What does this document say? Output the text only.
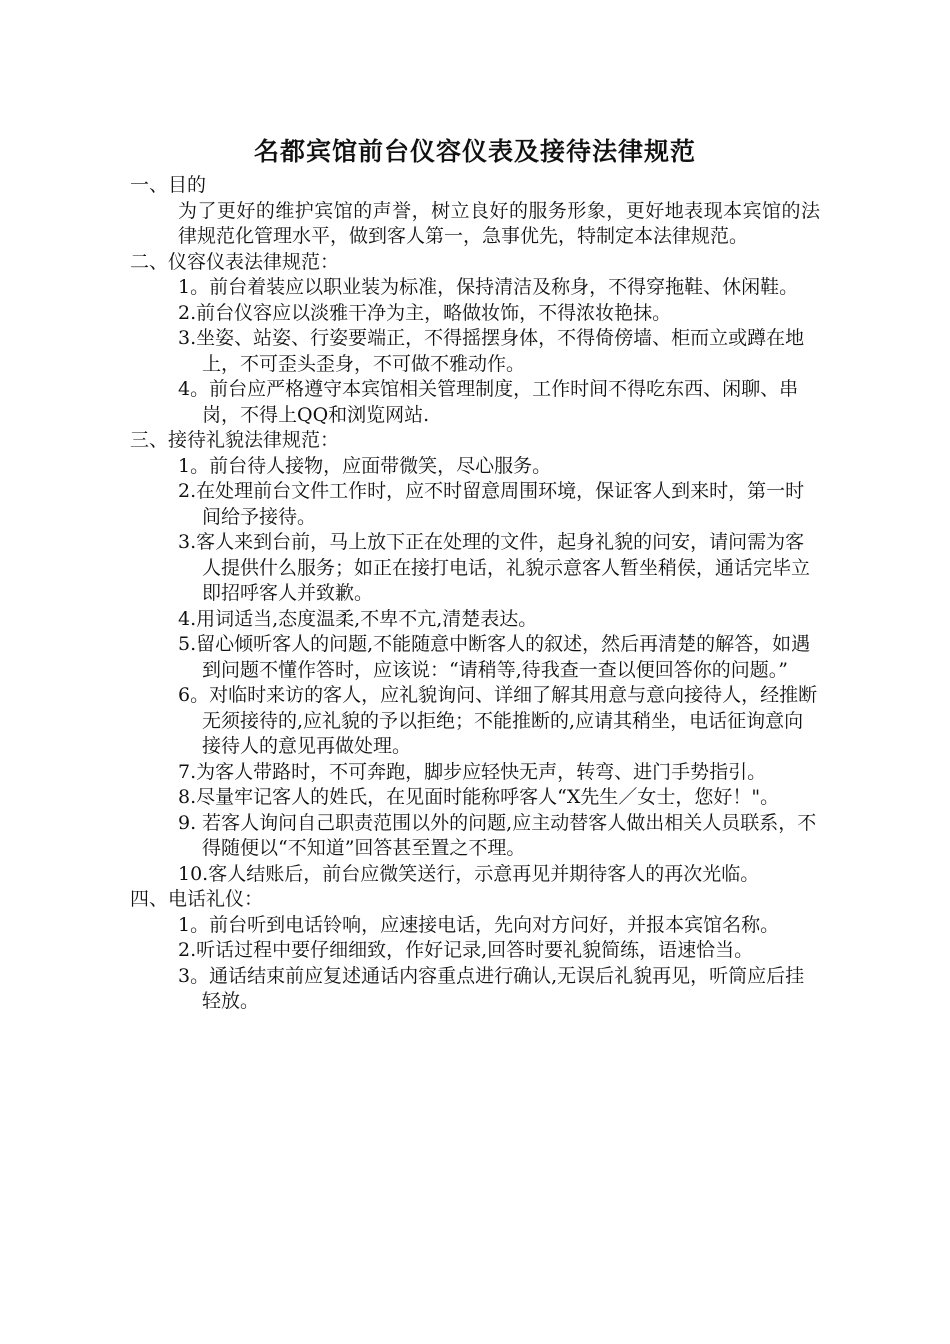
名都宾馆前台仪容仪表及接待法律规范

一、目的

为了更好的维护宾馆的声誉，树立良好的服务形象，更好地表现本宾馆的法律规范化管理水平，做到客人第一，急事优先，特制定本法律规范。

二、仪容仪表法律规范：

1。前台着装应以职业装为标准，保持清洁及称身，不得穿拖鞋、休闲鞋。
2.前台仪容应以淡雅干净为主，略做妆饰，不得浓妆艳抹。
3.坐姿、站姿、行姿要端正，不得摇摆身体，不得倚傍墙、柜而立或蹲在地上，不可歪头歪身，不可做不雅动作。
4。前台应严格遵守本宾馆相关管理制度，工作时间不得吃东西、闲聊、串岗，不得上QQ和浏览网站.

三、接待礼貌法律规范：

1。前台待人接物，应面带微笑，尽心服务。
2.在处理前台文件工作时，应不时留意周围环境，保证客人到来时，第一时间给予接待。
3.客人来到台前，马上放下正在处理的文件，起身礼貌的问安，请问需为客人提供什么服务；如正在接打电话，礼貌示意客人暂坐稍侯，通话完毕立即招呼客人并致歉。
4.用词适当,态度温柔,不卑不亢,清楚表达。
5.留心倾听客人的问题,不能随意中断客人的叙述，然后再清楚的解答，如遇到问题不懂作答时，应该说：“请稍等,待我查一查以便回答你的问题。”
6。对临时来访的客人，应礼貌询问、详细了解其用意与意向接待人，经推断无须接待的,应礼貌的予以拒绝；不能推断的,应请其稍坐，电话征询意向接待人的意见再做处理。
7.为客人带路时，不可奔跑，脚步应轻快无声，转弯、进门手势指引。
8.尽量牢记客人的姓氏，在见面时能称呼客人“X先生／女士，您好！"。
9. 若客人询问自己职责范围以外的问题,应主动替客人做出相关人员联系，不得随便以“不知道”回答甚至置之不理。
10.客人结账后，前台应微笑送行，示意再见并期待客人的再次光临。

四、电话礼仪：

1。前台听到电话铃响，应速接电话，先向对方问好，并报本宾馆名称。
2.听话过程中要仔细细致，作好记录,回答时要礼貌简练，语速恰当。
3。通话结束前应复述通话内容重点进行确认,无误后礼貌再见，听筒应后挂轻放。
